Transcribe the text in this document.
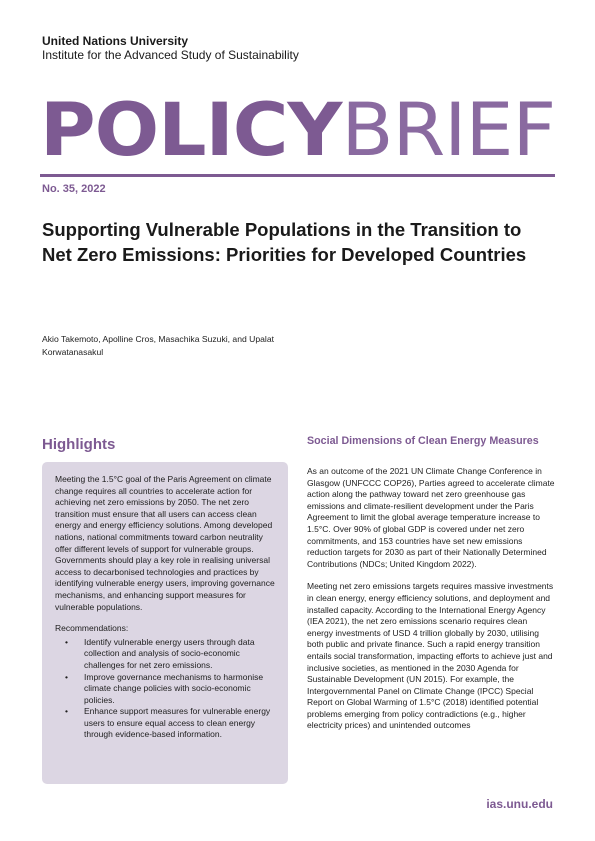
United Nations University
Institute for the Advanced Study of Sustainability
POLICYBRIEF
No. 35, 2022
Supporting Vulnerable Populations in the Transition to Net Zero Emissions: Priorities for Developed Countries
Akio Takemoto, Apolline Cros, Masachika Suzuki, and Upalat Korwatanasakul
Highlights

Meeting the 1.5°C goal of the Paris Agreement on climate change requires all countries to accelerate action for achieving net zero emissions by 2050. The net zero transition must ensure that all users can access clean energy and energy efficiency solutions. Among developed nations, national commitments toward carbon neutrality offer different levels of support for vulnerable groups. Governments should play a key role in realising universal access to decarbonised technologies and practices by identifying vulnerable energy users, improving governance mechanisms, and enhancing support measures for vulnerable populations.

Recommendations:

• Identify vulnerable energy users through data collection and analysis of socio-economic challenges for net zero emissions.
• Improve governance mechanisms to harmonise climate change policies with socio-economic policies.
• Enhance support measures for vulnerable energy users to ensure equal access to clean energy through evidence-based information.
Social Dimensions of Clean Energy Measures

As an outcome of the 2021 UN Climate Change Conference in Glasgow (UNFCCC COP26), Parties agreed to accelerate climate action along the pathway toward net zero greenhouse gas emissions and climate-resilient development under the Paris Agreement to limit the global average temperature increase to 1.5°C. Over 90% of global GDP is covered under net zero commitments, and 153 countries have set new emissions reduction targets for 2030 as part of their Nationally Determined Contributions (NDCs; United Kingdom 2022).

Meeting net zero emissions targets requires massive investments in clean energy, energy efficiency solutions, and deployment and installed capacity. According to the International Energy Agency (IEA 2021), the net zero emissions scenario requires clean energy investments of USD 4 trillion globally by 2030, utilising both public and private finance. Such a rapid energy transition entails social transformation, impacting efforts to achieve just and inclusive societies, as mentioned in the 2030 Agenda for Sustainable Development (UN 2015). For example, the Intergovernmental Panel on Climate Change (IPCC) Special Report on Global Warming of 1.5°C (2018) identified potential problems emerging from policy contradictions (e.g., higher electricity prices) and unintended outcomes

ias.unu.edu
